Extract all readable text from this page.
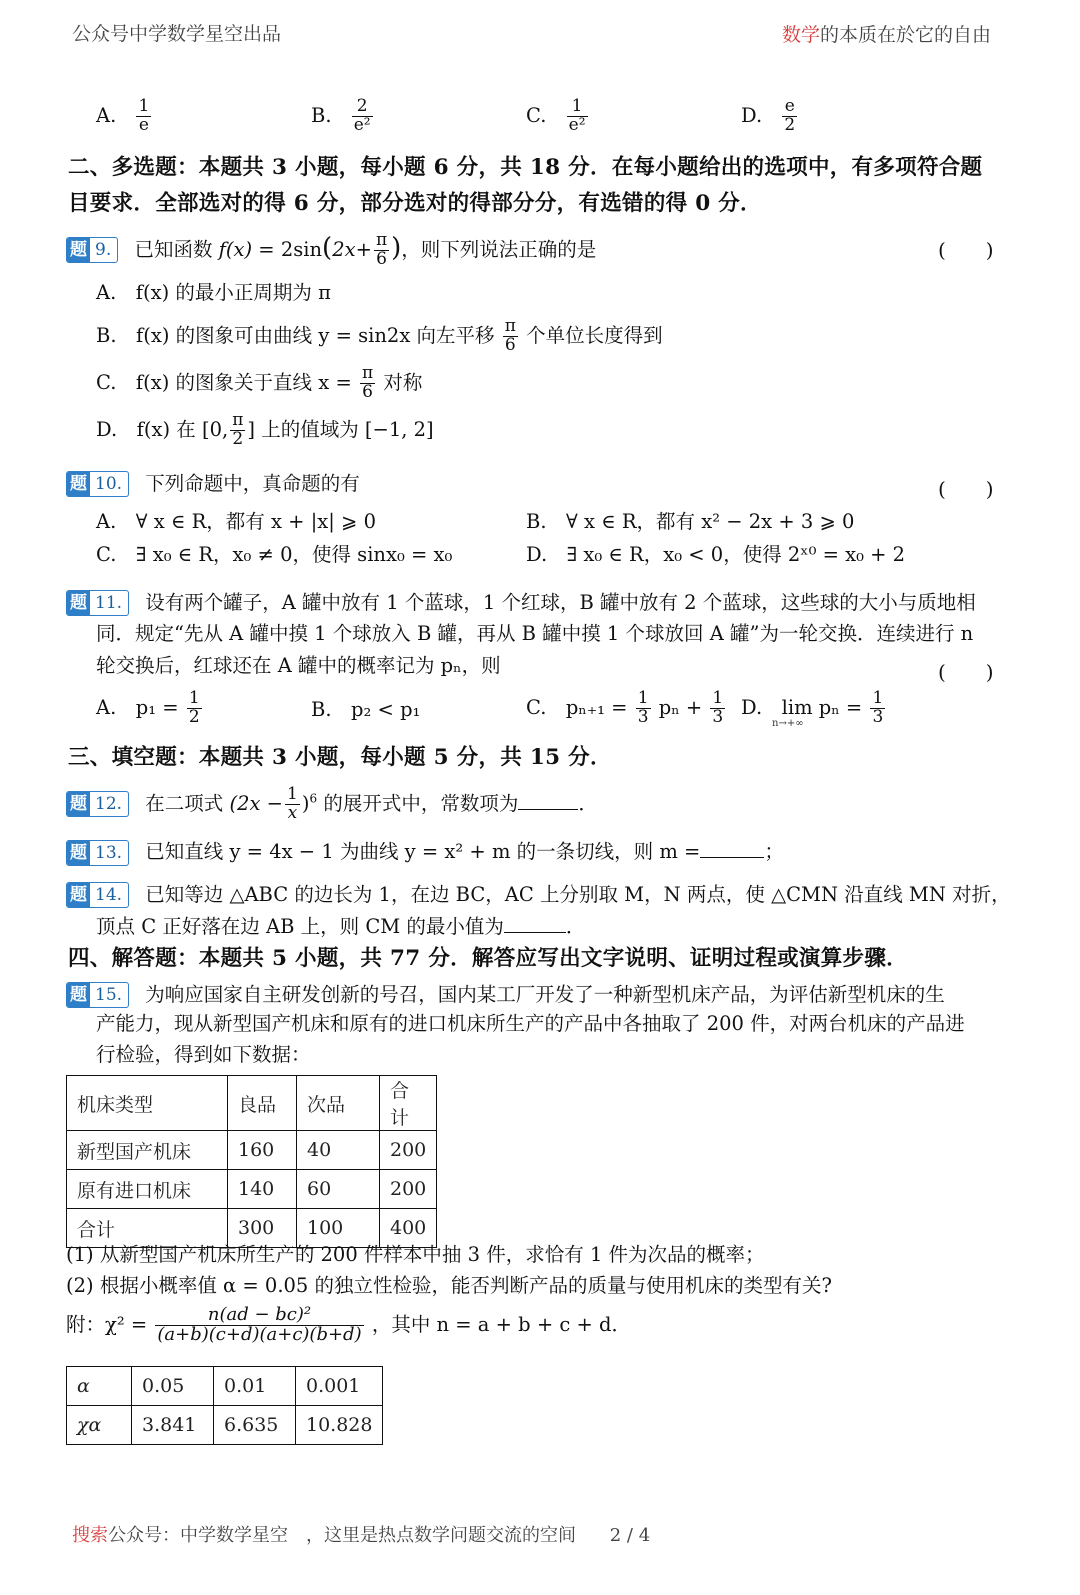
公众号中学数学星空出品	数学的本质在於它的自由
A. $\frac{1}{e}$	B. $\frac{2}{\text{e²}}$	C. $\frac{1}{\text{e²}}$	D. $\frac{e}{2}$
二、多选题：本题共 3 小题，每小题 6 分，共 18 分．在每小题给出的选项中，有多项符合题
目要求．全部选对的得 6 分，部分选对的得部分分，有选错的得 0 分．
题 9. 已知函数 $f(x) = 2\sin(2x+ \frac{\pi}{6}$ )，则下列说法正确的是	(　　)
A.　f(x) 的最小正周期为 π
B.　f(x) 的图象可由曲线 y = sin2x 向左平移 $\frac{\pi}{6}$ 个单位长度得到
C.　f(x) 的图象关于直线 $x = \frac{\pi}{6}$ 对称
D.　f(x) 在 [0, $\frac{\pi}{2}$ ] 上的值域为 [−1, 2]
题 10. 下列命题中，真命题的有	(　　)
A.　∀ x ∈ R，都有 x + |x| ⩾ 0	B.　∀ x ∈ R，都有 x² − 2x + 3 ⩾ 0
C.　∃ x₀ ∈ R，x₀ ≠ 0，使得 sinx₀ = x₀	D.　∃ x₀ ∈ R，x₀ < 0，使得 2ˣ⁰ = x₀ + 2
题 11. 设有两个罐子，A 罐中放有 1 个蓝球，1 个红球，B 罐中放有 2 个蓝球，这些球的大小与质地相
同．规定“先从 A 罐中摸 1 个球放入 B 罐，再从 B 罐中摸 1 个球放回 A 罐”为一轮交换．连续进行 n
轮交换后，红球还在 A 罐中的概率记为 pₙ，则	(　　)
A.　$p_1 = \frac{1}{2}$	B.　p₂ < p₁	C.　$p_{n+1} = \frac{1}{3}$ $p_n + \frac{1}{3} D$.　$\lim p_n = \frac{1}{3}$
n→+∞
三、填空题：本题共 3 小题，每小题 5 分，共 15 分．
题 12. 在二项式 $(2x - \frac{1}{x} )^6$ 的展开式中，常数项为	．
题 13. 已知直线 y = 4x − 1 为曲线 y = x² + m 的一条切线，则 m =	；
题 14. 已知等边 △ABC 的边长为 1，在边 BC，AC 上分别取 M，N 两点，使 △CMN 沿直线 MN 对折，
顶点 C 正好落在边 AB 上，则 CM 的最小值为	．
四、解答题：本题共 5 小题，共 77 分．解答应写出文字说明、证明过程或演算步骤．
题 15. 为响应国家自主研发创新的号召，国内某工厂开发了一种新型机床产品，为评估新型机床的生
产能力，现从新型国产机床和原有的进口机床所生产的产品中各抽取了 200 件，对两台机床的产品进
行检验，得到如下数据：
机床类型	良品	次品	合计
新型国产机床	160	40	200
原有进口机床	140	60	200
合计	300	100	400
(1) 从新型国产机床所生产的 200 件样本中抽 3 件，求恰有 1 件为次品的概率；
(2) 根据小概率值 α = 0.05 的独立性检验，能否判断产品的质量与使用机床的类型有关?
附：$\chi^2 = \frac{\text{n(ad − bc)²}}{(a+b)(c+d)(a+c)(b+d)}$ ，其中 n = a + b + c + d．
α	0.05	0.01	0.001
χα	3.841	6.635	10.828
搜索公众号：中学数学星空　，这里是热点数学问题交流的空间 2 / 4
